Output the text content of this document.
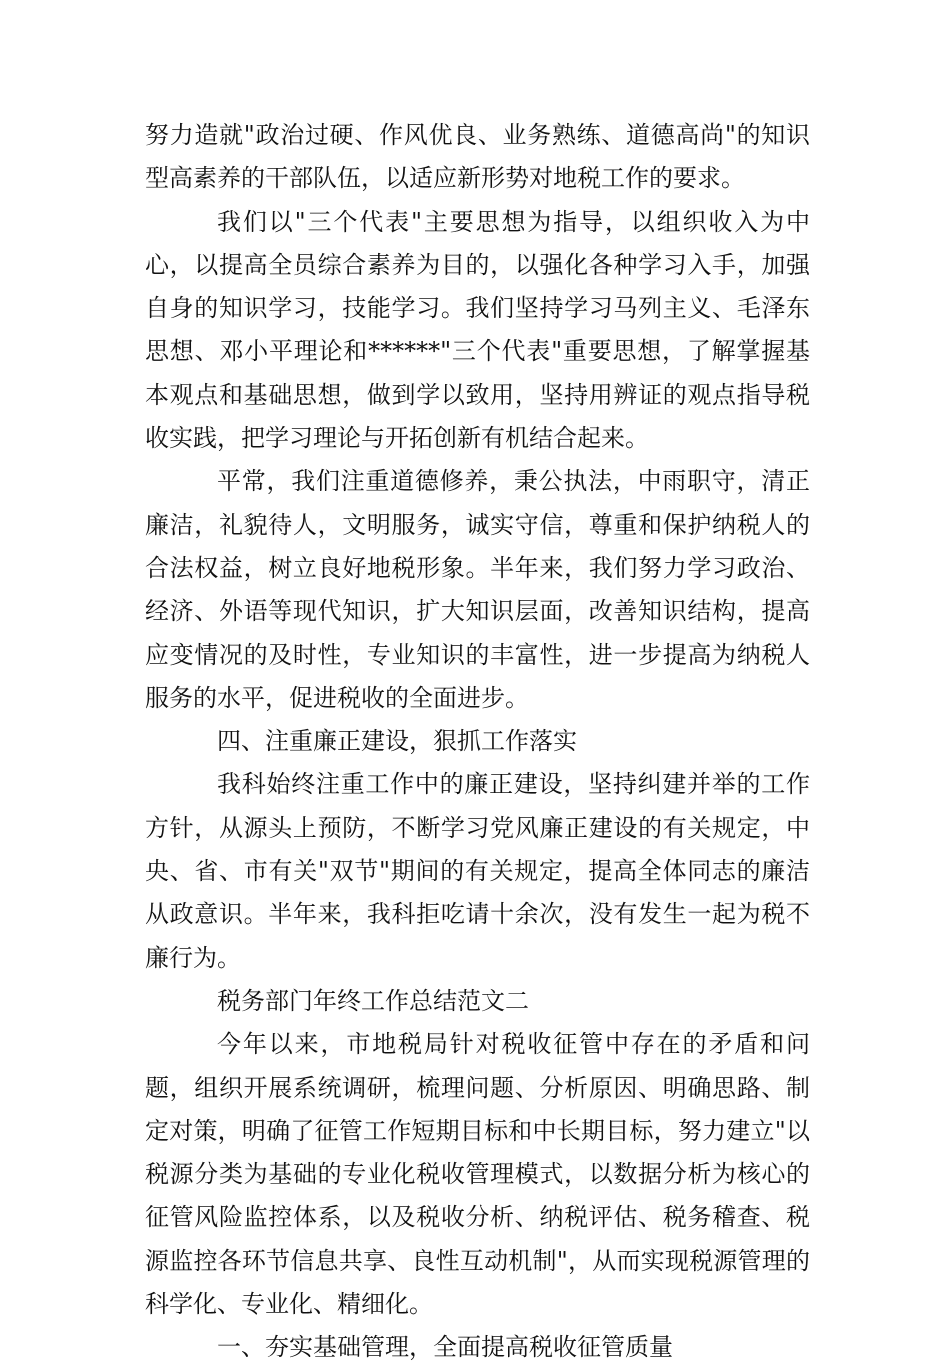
努力造就"政治过硬、作风优良、业务熟练、道德高尚"的知识型高素养的干部队伍，以适应新形势对地税工作的要求。

我们以"三个代表"主要思想为指导，以组织收入为中心，以提高全员综合素养为目的，以强化各种学习入手，加强自身的知识学习，技能学习。我们坚持学习马列主义、毛泽东思想、邓小平理论和******"三个代表"重要思想，了解掌握基本观点和基础思想，做到学以致用，坚持用辨证的观点指导税收实践，把学习理论与开拓创新有机结合起来。

平常，我们注重道德修养，秉公执法，中雨职守，清正廉洁，礼貌待人，文明服务，诚实守信，尊重和保护纳税人的合法权益，树立良好地税形象。半年来，我们努力学习政治、经济、外语等现代知识，扩大知识层面，改善知识结构，提高应变情况的及时性，专业知识的丰富性，进一步提高为纳税人服务的水平，促进税收的全面进步。

四、注重廉正建设，狠抓工作落实

我科始终注重工作中的廉正建设，坚持纠建并举的工作方针，从源头上预防，不断学习党风廉正建设的有关规定，中央、省、市有关"双节"期间的有关规定，提高全体同志的廉洁从政意识。半年来，我科拒吃请十余次，没有发生一起为税不廉行为。

税务部门年终工作总结范文二

今年以来，市地税局针对税收征管中存在的矛盾和问题，组织开展系统调研，梳理问题、分析原因、明确思路、制定对策，明确了征管工作短期目标和中长期目标，努力建立"以税源分类为基础的专业化税收管理模式，以数据分析为核心的征管风险监控体系，以及税收分析、纳税评估、税务稽查、税源监控各环节信息共享、良性互动机制"，从而实现税源管理的科学化、专业化、精细化。

一、夯实基础管理，全面提高税收征管质量
